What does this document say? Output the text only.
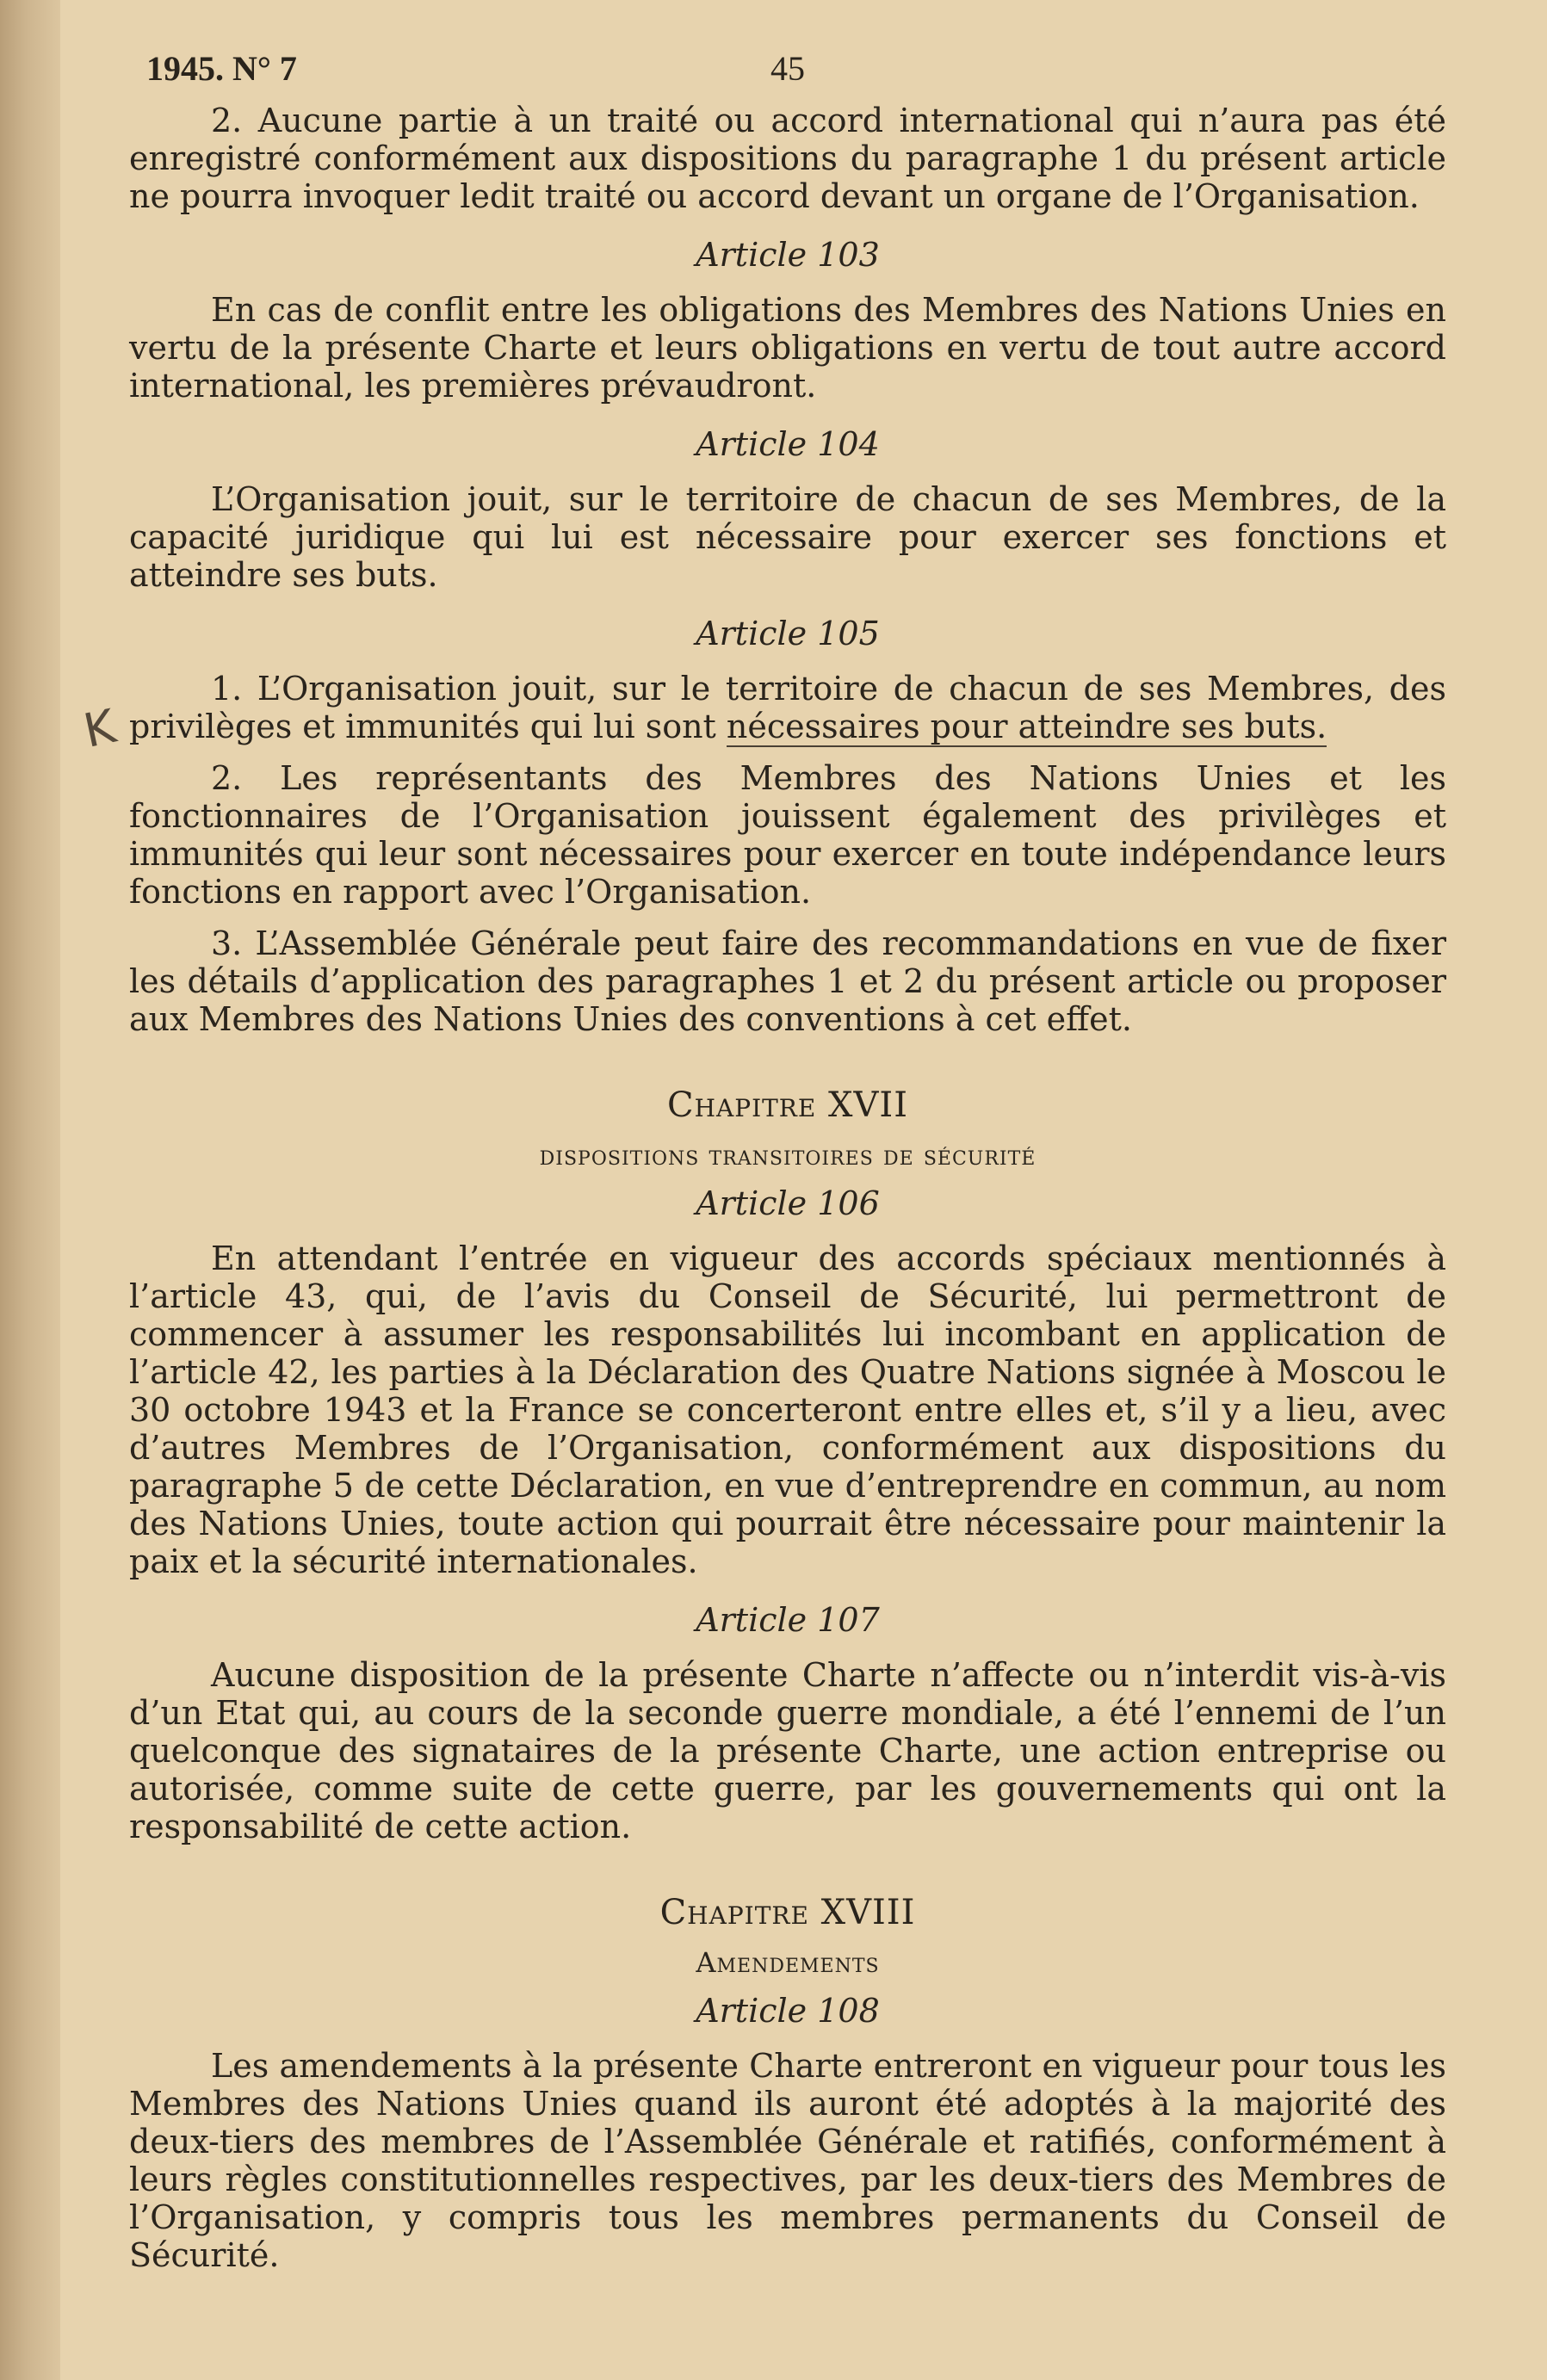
K
1945. N° 7	45

2. Aucune partie à un traité ou accord international qui n’aura pas été enregistré conformément aux dispositions du paragraphe 1 du présent article ne pourra invoquer ledit traité ou accord devant un organe de l’Organisation.

Article 103

En cas de conflit entre les obligations des Membres des Nations Unies en vertu de la présente Charte et leurs obligations en vertu de tout autre accord international, les premières prévaudront.

Article 104

L’Organisation jouit, sur le territoire de chacun de ses Membres, de la capacité juridique qui lui est nécessaire pour exercer ses fonctions et atteindre ses buts.

Article 105

1. L’Organisation jouit, sur le territoire de chacun de ses Membres, des privilèges et immunités qui lui sont nécessaires pour atteindre ses buts.

2. Les représentants des Membres des Nations Unies et les fonctionnaires de l’Organisation jouissent également des privilèges et immunités qui leur sont nécessaires pour exercer en toute indépendance leurs fonctions en rapport avec l’Organisation.

3. L’Assemblée Générale peut faire des recommandations en vue de fixer les détails d’application des paragraphes 1 et 2 du présent article ou proposer aux Membres des Nations Unies des conventions à cet effet.

Chapitre XVII
dispositions transitoires de sécurité
Article 106

En attendant l’entrée en vigueur des accords spéciaux mentionnés à l’article 43, qui, de l’avis du Conseil de Sécurité, lui permettront de commencer à assumer les responsabilités lui incombant en application de l’article 42, les parties à la Déclaration des Quatre Nations signée à Moscou le 30 octobre 1943 et la France se concerteront entre elles et, s’il y a lieu, avec d’autres Membres de l’Organisation, conformément aux dispositions du paragraphe 5 de cette Déclaration, en vue d’entreprendre en commun, au nom des Nations Unies, toute action qui pourrait être nécessaire pour maintenir la paix et la sécurité internationales.

Article 107

Aucune disposition de la présente Charte n’affecte ou n’interdit vis-à-vis d’un Etat qui, au cours de la seconde guerre mondiale, a été l’ennemi de l’un quelconque des signataires de la présente Charte, une action entreprise ou autorisée, comme suite de cette guerre, par les gouvernements qui ont la responsabilité de cette action.

Chapitre XVIII
Amendements
Article 108

Les amendements à la présente Charte entreront en vigueur pour tous les Membres des Nations Unies quand ils auront été adoptés à la majorité des deux-tiers des membres de l’Assemblée Générale et ratifiés, conformément à leurs règles constitutionnelles respectives, par les deux-tiers des Membres de l’Organisation, y compris tous les membres permanents du Conseil de Sécurité.
